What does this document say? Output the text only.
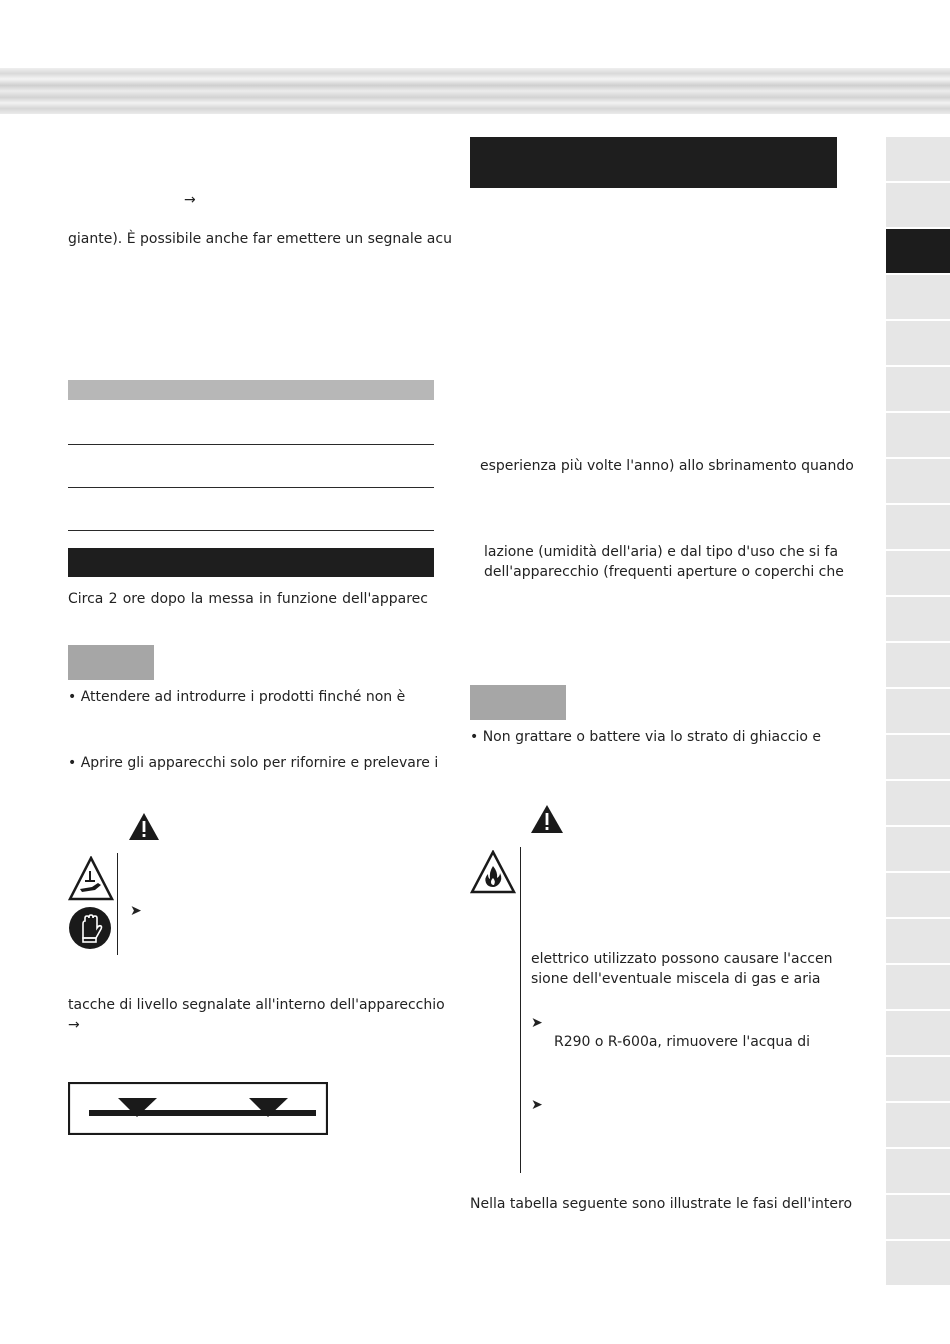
→
giante). È possibile anche far emettere un segnale acu
Circa 2 ore dopo la messa in funzione dell'apparec
• Attendere ad introdurre i prodotti finché non è
• Aprire gli apparecchi solo per rifornire e prelevare i
➤
tacche di livello segnalate all'interno dell'apparecchio
→
esperienza più volte l'anno) allo sbrinamento quando
lazione (umidità dell'aria) e dal tipo d'uso che si fa
dell'apparecchio (frequenti aperture o coperchi che
• Non grattare o battere via lo strato di ghiaccio e
elettrico utilizzato possono causare l'accen
sione dell'eventuale miscela di gas e aria
➤
R290 o R-600a, rimuovere l'acqua di
➤
Nella tabella seguente sono illustrate le fasi dell'intero
